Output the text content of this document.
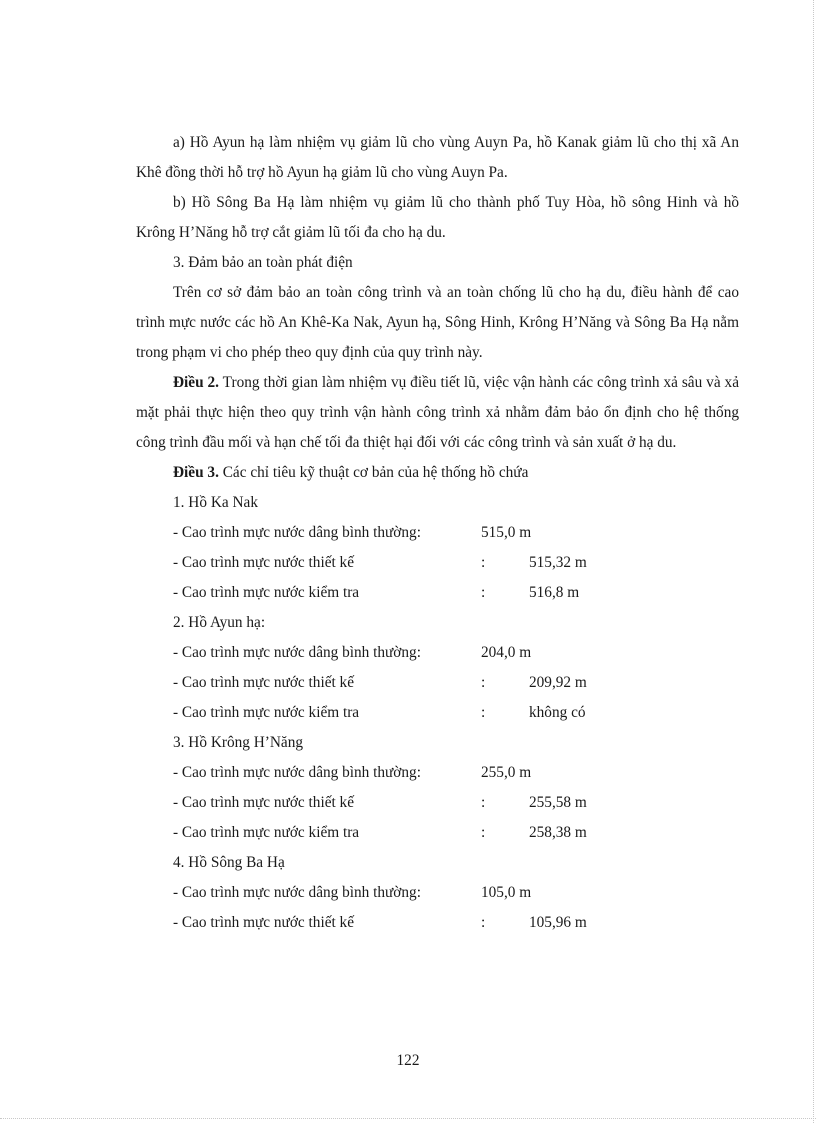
a) Hồ Ayun hạ làm nhiệm vụ giảm lũ cho vùng Auyn Pa, hồ Kanak giảm lũ cho thị xã An Khê đồng thời hỗ trợ hồ Ayun hạ giảm lũ cho vùng Auyn Pa.

b) Hồ Sông Ba Hạ làm nhiệm vụ giảm lũ cho thành phố Tuy Hòa, hồ sông Hinh và hồ Krông H’Năng hỗ trợ cắt giảm lũ tối đa cho hạ du.

3. Đảm bảo an toàn phát điện

Trên cơ sở đảm bảo an toàn công trình và an toàn chống lũ cho hạ du, điều hành để cao trình mực nước các hồ An Khê-Ka Nak, Ayun hạ, Sông Hinh, Krông H’Năng và Sông Ba Hạ nằm trong phạm vi cho phép theo quy định của quy trình này.

Điều 2. Trong thời gian làm nhiệm vụ điều tiết lũ, việc vận hành các công trình xả sâu và xả mặt phải thực hiện theo quy trình vận hành công trình xả nhằm đảm bảo ổn định cho hệ thống công trình đầu mối và hạn chế tối đa thiệt hại đối với các công trình và sản xuất ở hạ du.

Điều 3. Các chỉ tiêu kỹ thuật cơ bản của hệ thống hồ chứa

1. Hồ Ka Nak

- Cao trình mực nước dâng bình thường:	515,0 m
- Cao trình mực nước thiết kế	:	515,32 m
- Cao trình mực nước kiểm tra	:	516,8 m

2. Hồ Ayun hạ:

- Cao trình mực nước dâng bình thường:	204,0 m
- Cao trình mực nước thiết kế	:	209,92 m
- Cao trình mực nước kiểm tra	:	không có

3. Hồ Krông H’Năng

- Cao trình mực nước dâng bình thường:	255,0 m
- Cao trình mực nước thiết kế	:	255,58 m
- Cao trình mực nước kiểm tra	:	258,38 m

4. Hồ Sông Ba Hạ

- Cao trình mực nước dâng bình thường:	105,0 m
- Cao trình mực nước thiết kế	:	105,96 m
122
